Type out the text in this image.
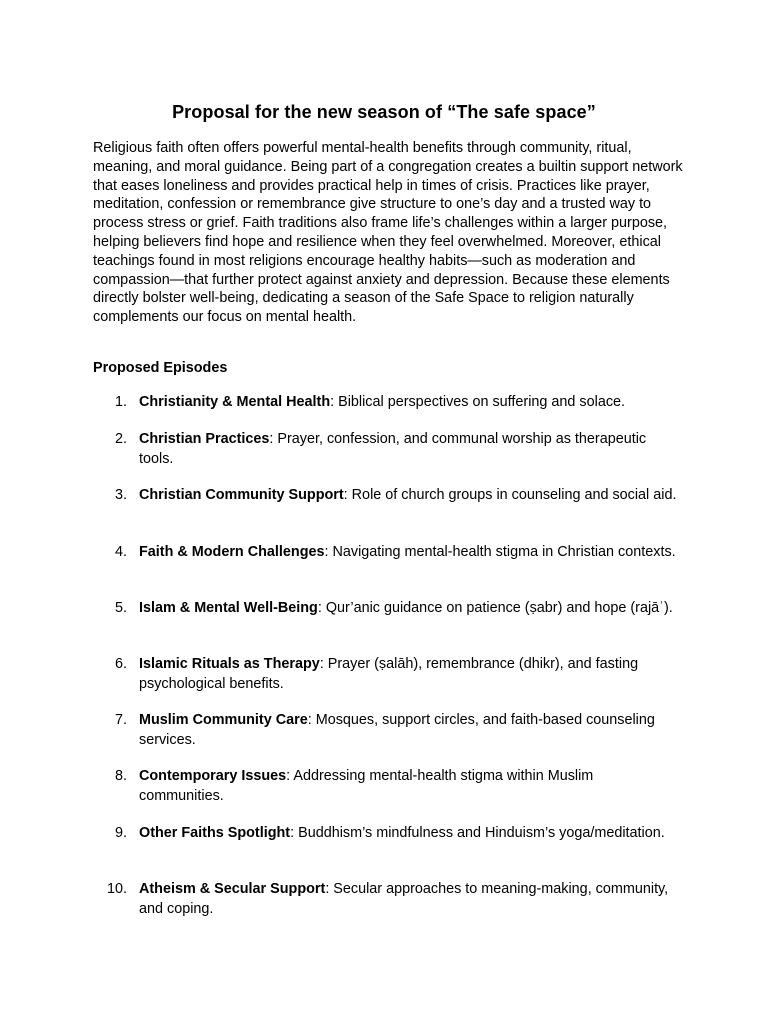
Proposal for the new season of “The safe space”

Religious faith often offers powerful mental-health benefits through community, ritual, meaning, and moral guidance. Being part of a congregation creates a builtin support network that eases loneliness and provides practical help in times of crisis. Practices like prayer, meditation, confession or remembrance give structure to one’s day and a trusted way to process stress or grief. Faith traditions also frame life’s challenges within a larger purpose, helping believers find hope and resilience when they feel overwhelmed. Moreover, ethical teachings found in most religions encourage healthy habits—such as moderation and compassion—that further protect against anxiety and depression. Because these elements directly bolster well-being, dedicating a season of the Safe Space to religion naturally complements our focus on mental health.

Proposed Episodes
1. Christianity & Mental Health: Biblical perspectives on suffering and solace.
2. Christian Practices: Prayer, confession, and communal worship as therapeutic tools.
3. Christian Community Support: Role of church groups in counseling and social aid.
4. Faith & Modern Challenges: Navigating mental-health stigma in Christian contexts.
5. Islam & Mental Well-Being: Qur’anic guidance on patience (ṣabr) and hope (rajāʾ).
6. Islamic Rituals as Therapy: Prayer (ṣalāh), remembrance (dhikr), and fasting psychological benefits.
7. Muslim Community Care: Mosques, support circles, and faith-based counseling services.
8. Contemporary Issues: Addressing mental-health stigma within Muslim communities.
9. Other Faiths Spotlight: Buddhism’s mindfulness and Hinduism’s yoga/meditation.
10. Atheism & Secular Support: Secular approaches to meaning-making, community, and coping.
